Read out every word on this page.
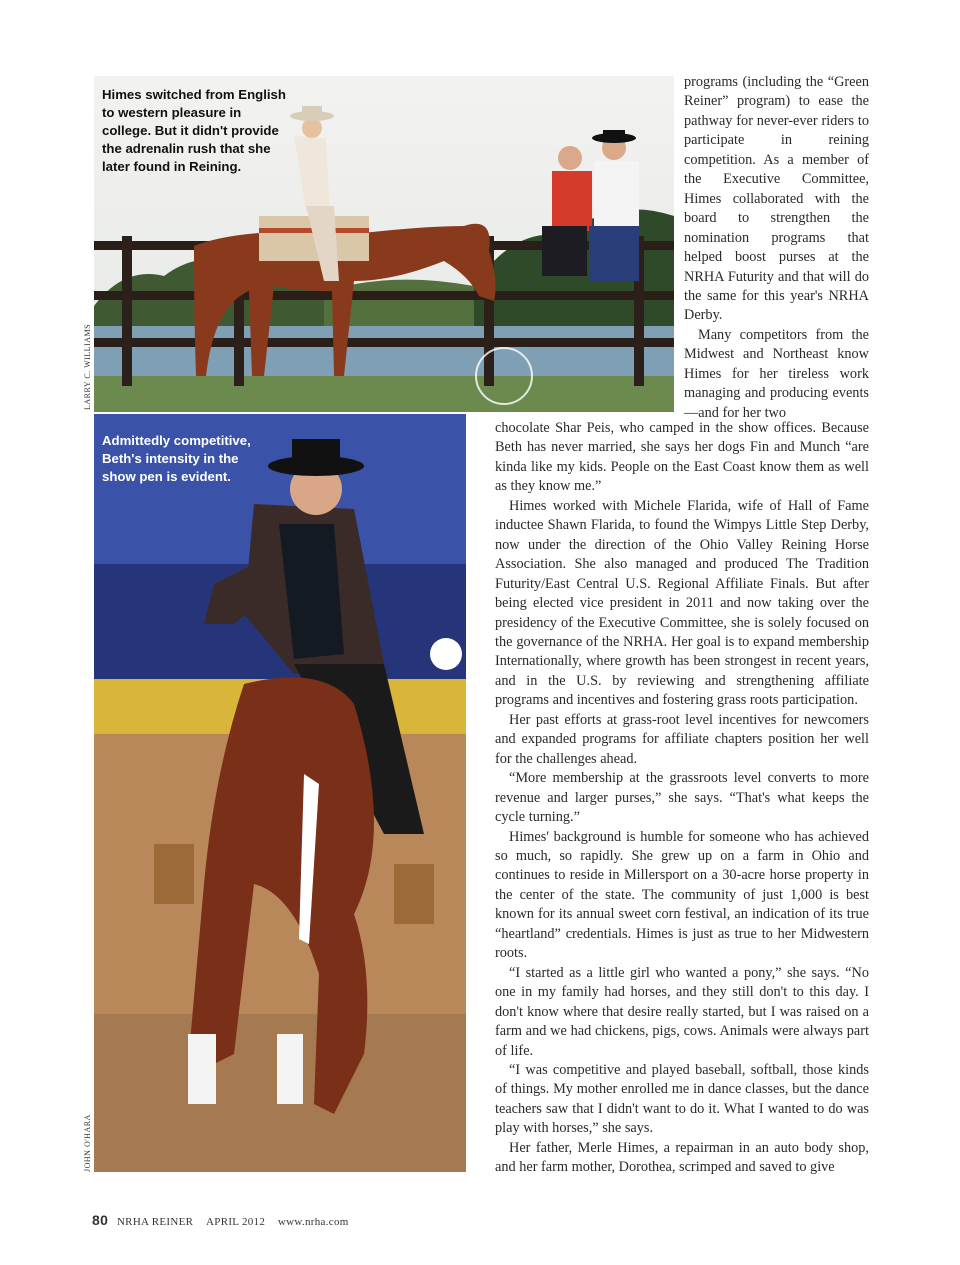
Himes switched from English to western pleasure in college. But it didn't provide the adrenalin rush that she later found in Reining.
LARRY C. WILLIAMS
Admittedly competitive, Beth's intensity in the show pen is evident.
JOHN O'HARA

programs (including the “Green Reiner” program) to ease the pathway for never-ever riders to participate in reining competition. As a member of the Executive Committee, Himes collaborated with the board to strengthen the nomination programs that helped boost purses at the NRHA Futurity and that will do the same for this year's NRHA Derby.

Many competitors from the Midwest and Northeast know Himes for her tireless work managing and producing events—and for her two

chocolate Shar Peis, who camped in the show offices. Because Beth has never married, she says her dogs Fin and Munch “are kinda like my kids. People on the East Coast know them as well as they know me.”

Himes worked with Michele Flarida, wife of Hall of Fame inductee Shawn Flarida, to found the Wimpys Little Step Derby, now under the direction of the Ohio Valley Reining Horse Association. She also managed and produced The Tradition Futurity/East Central U.S. Regional Affiliate Finals. But after being elected vice president in 2011 and now taking over the presidency of the Executive Committee, she is solely focused on the governance of the NRHA. Her goal is to expand membership Internationally, where growth has been strongest in recent years, and in the U.S. by reviewing and strengthening affiliate programs and incentives and fostering grass roots participation.

Her past efforts at grass-root level incentives for newcomers and expanded programs for affiliate chapters position her well for the challenges ahead.

“More membership at the grassroots level converts to more revenue and larger purses,” she says. “That's what keeps the cycle turning.”

Himes' background is humble for someone who has achieved so much, so rapidly. She grew up on a farm in Ohio and continues to reside in Millersport on a 30-acre horse property in the center of the state. The community of just 1,000 is best known for its annual sweet corn festival, an indication of its true “heartland” credentials. Himes is just as true to her Midwestern roots.

“I started as a little girl who wanted a pony,” she says. “No one in my family had horses, and they still don't to this day. I don't know where that desire really started, but I was raised on a farm and we had chickens, pigs, cows. Animals were always part of life.

“I was competitive and played baseball, softball, those kinds of things. My mother enrolled me in dance classes, but the dance teachers saw that I didn't want to do it. What I wanted to do was play with horses,” she says.

Her father, Merle Himes, a repairman in an auto body shop, and her farm mother, Dorothea, scrimped and saved to give

80 NRHA REINER APRIL 2012 www.nrha.com
